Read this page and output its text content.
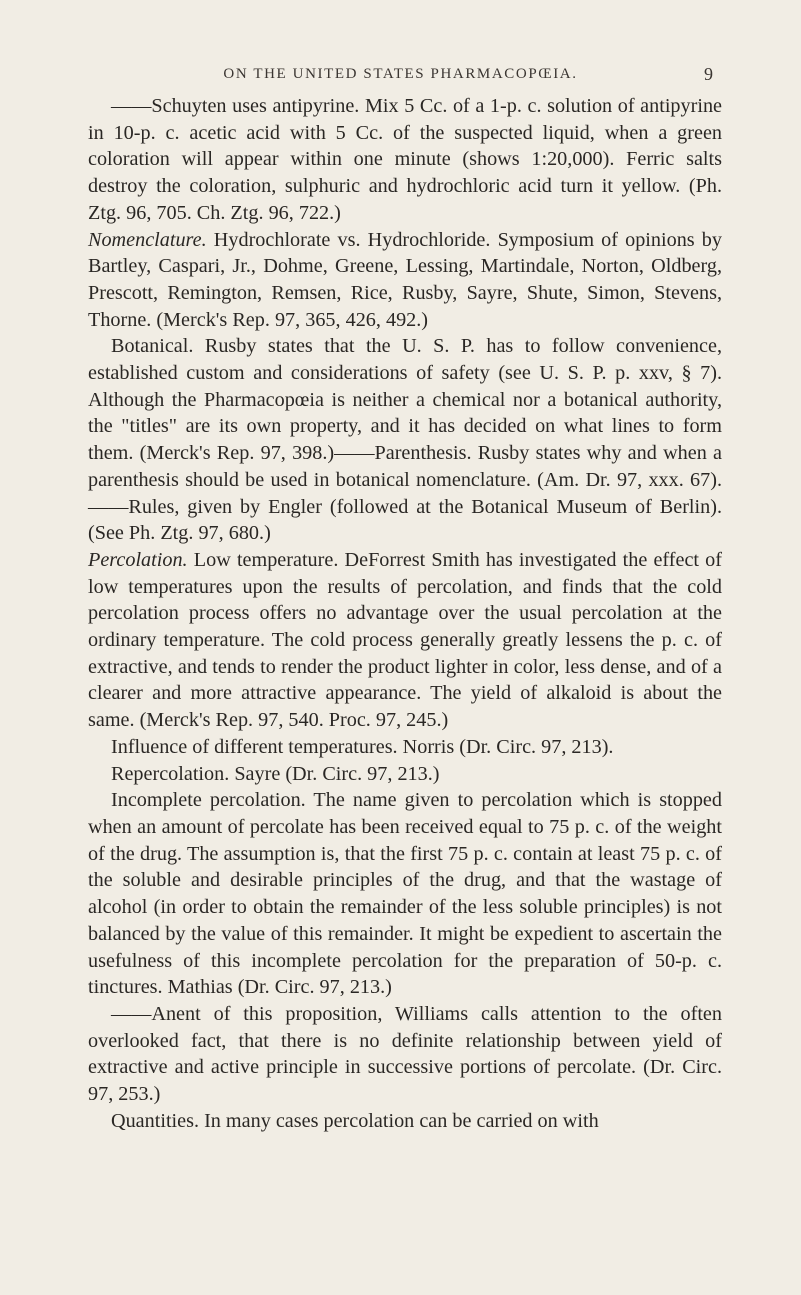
ON THE UNITED STATES PHARMACOPŒIA.	9

——Schuyten uses antipyrine. Mix 5 Cc. of a 1-p. c. solution of antipyrine in 10-p. c. acetic acid with 5 Cc. of the suspected liquid, when a green coloration will appear within one minute (shows 1:20,000). Ferric salts destroy the coloration, sulphuric and hydrochloric acid turn it yellow. (Ph. Ztg. 96, 705. Ch. Ztg. 96, 722.)

Nomenclature. Hydrochlorate vs. Hydrochloride. Symposium of opinions by Bartley, Caspari, Jr., Dohme, Greene, Lessing, Martindale, Norton, Oldberg, Prescott, Remington, Remsen, Rice, Rusby, Sayre, Shute, Simon, Stevens, Thorne. (Merck's Rep. 97, 365, 426, 492.)

Botanical. Rusby states that the U. S. P. has to follow convenience, established custom and considerations of safety (see U. S. P. p. xxv, § 7). Although the Pharmacopœia is neither a chemical nor a botanical authority, the "titles" are its own property, and it has decided on what lines to form them. (Merck's Rep. 97, 398.)——Parenthesis. Rusby states why and when a parenthesis should be used in botanical nomenclature. (Am. Dr. 97, xxx. 67).——Rules, given by Engler (followed at the Botanical Museum of Berlin). (See Ph. Ztg. 97, 680.)

Percolation. Low temperature. DeForrest Smith has investigated the effect of low temperatures upon the results of percolation, and finds that the cold percolation process offers no advantage over the usual percolation at the ordinary temperature. The cold process generally greatly lessens the p. c. of extractive, and tends to render the product lighter in color, less dense, and of a clearer and more attractive appearance. The yield of alkaloid is about the same. (Merck's Rep. 97, 540. Proc. 97, 245.)

Influence of different temperatures. Norris (Dr. Circ. 97, 213).

Repercolation. Sayre (Dr. Circ. 97, 213.)

Incomplete percolation. The name given to percolation which is stopped when an amount of percolate has been received equal to 75 p. c. of the weight of the drug. The assumption is, that the first 75 p. c. contain at least 75 p. c. of the soluble and desirable principles of the drug, and that the wastage of alcohol (in order to obtain the remainder of the less soluble principles) is not balanced by the value of this remainder. It might be expedient to ascertain the usefulness of this incomplete percolation for the preparation of 50-p. c. tinctures. Mathias (Dr. Circ. 97, 213.)

——Anent of this proposition, Williams calls attention to the often overlooked fact, that there is no definite relationship between yield of extractive and active principle in successive portions of percolate. (Dr. Circ. 97, 253.)

Quantities. In many cases percolation can be carried on with
